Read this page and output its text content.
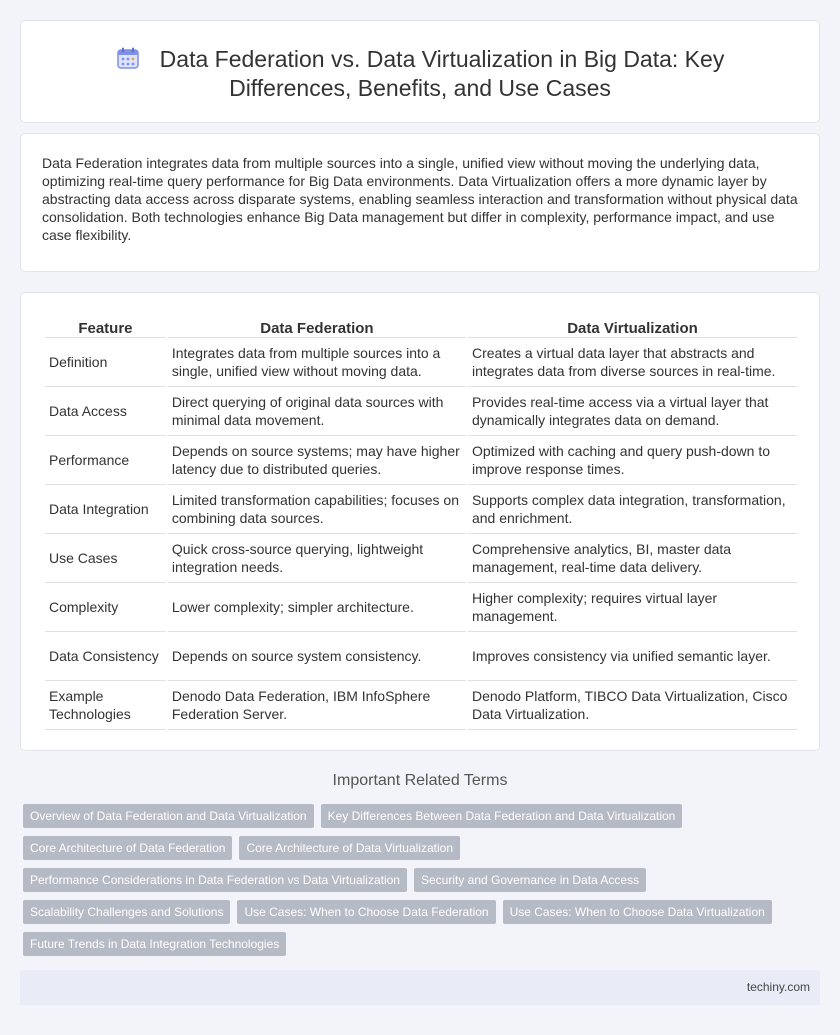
Data Federation vs. Data Virtualization in Big Data: Key Differences, Benefits, and Use Cases

Data Federation integrates data from multiple sources into a single, unified view without moving the underlying data, optimizing real-time query performance for Big Data environments. Data Virtualization offers a more dynamic layer by abstracting data access across disparate systems, enabling seamless interaction and transformation without physical data consolidation. Both technologies enhance Big Data management but differ in complexity, performance impact, and use case flexibility.

Feature	Data Federation	Data Virtualization
Definition	Integrates data from multiple sources into a single, unified view without moving data.	Creates a virtual data layer that abstracts and integrates data from diverse sources in real-time.
Data Access	Direct querying of original data sources with minimal data movement.	Provides real-time access via a virtual layer that dynamically integrates data on demand.
Performance	Depends on source systems; may have higher latency due to distributed queries.	Optimized with caching and query push-down to improve response times.
Data Integration	Limited transformation capabilities; focuses on combining data sources.	Supports complex data integration, transformation, and enrichment.
Use Cases	Quick cross-source querying, lightweight integration needs.	Comprehensive analytics, BI, master data management, real-time data delivery.
Complexity	Lower complexity; simpler architecture.	Higher complexity; requires virtual layer management.
Data Consistency	Depends on source system consistency.	Improves consistency via unified semantic layer.
Example Technologies	Denodo Data Federation, IBM InfoSphere Federation Server.	Denodo Platform, TIBCO Data Virtualization, Cisco Data Virtualization.
Important Related Terms
Overview of Data Federation and Data Virtualization	Key Differences Between Data Federation and Data Virtualization
Core Architecture of Data Federation	Core Architecture of Data Virtualization
Performance Considerations in Data Federation vs Data Virtualization	Security and Governance in Data Access
Scalability Challenges and Solutions	Use Cases: When to Choose Data Federation	Use Cases: When to Choose Data Virtualization
Future Trends in Data Integration Technologies
techiny.com
